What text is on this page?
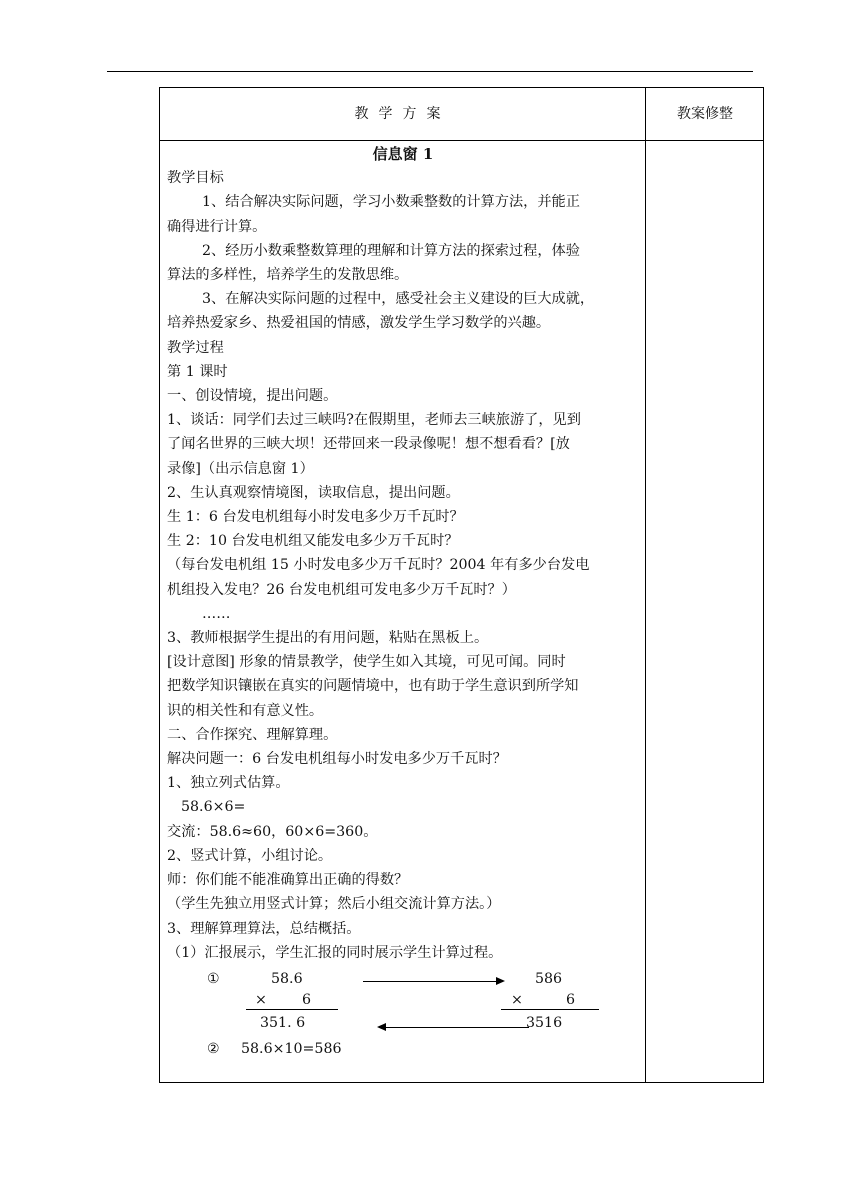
教学方案	教案修整
信息窗 1
教学目标
1、结合解决实际问题，学习小数乘整数的计算方法，并能正
确得进行计算。
2、经历小数乘整数算理的理解和计算方法的探索过程，体验
算法的多样性，培养学生的发散思维。
3、在解决实际问题的过程中，感受社会主义建设的巨大成就，
培养热爱家乡、热爱祖国的情感，激发学生学习数学的兴趣。
教学过程
第 1 课时
一、创设情境，提出问题。
1、谈话：同学们去过三峡吗?在假期里，老师去三峡旅游了，见到
了闻名世界的三峡大坝！还带回来一段录像呢！想不想看看？[放
录像]（出示信息窗 1）
2、生认真观察情境图，读取信息，提出问题。
生 1：6 台发电机组每小时发电多少万千瓦时？
生 2：10 台发电机组又能发电多少万千瓦时？
（每台发电机组 15 小时发电多少万千瓦时？2004 年有多少台发电
机组投入发电？26 台发电机组可发电多少万千瓦时？）
……
3、教师根据学生提出的有用问题，粘贴在黑板上。
[设计意图] 形象的情景教学，使学生如入其境，可见可闻。同时
把数学知识镶嵌在真实的问题情境中，也有助于学生意识到所学知
识的相关性和有意义性。
二、合作探究、理解算理。
解决问题一：6 台发电机组每小时发电多少万千瓦时？
1、独立列式估算。
58.6×6=
交流：58.6≈60，60×6=360。
2、竖式计算，小组讨论。
师：你们能不能准确算出正确的得数？
（学生先独立用竖式计算；然后小组交流计算方法。）
3、理解算理算法，总结概括。
（1）汇报展示，学生汇报的同时展示学生计算过程。
①	58.6
× 6
351. 6
586
×	6
3516
② 58.6×10=586
